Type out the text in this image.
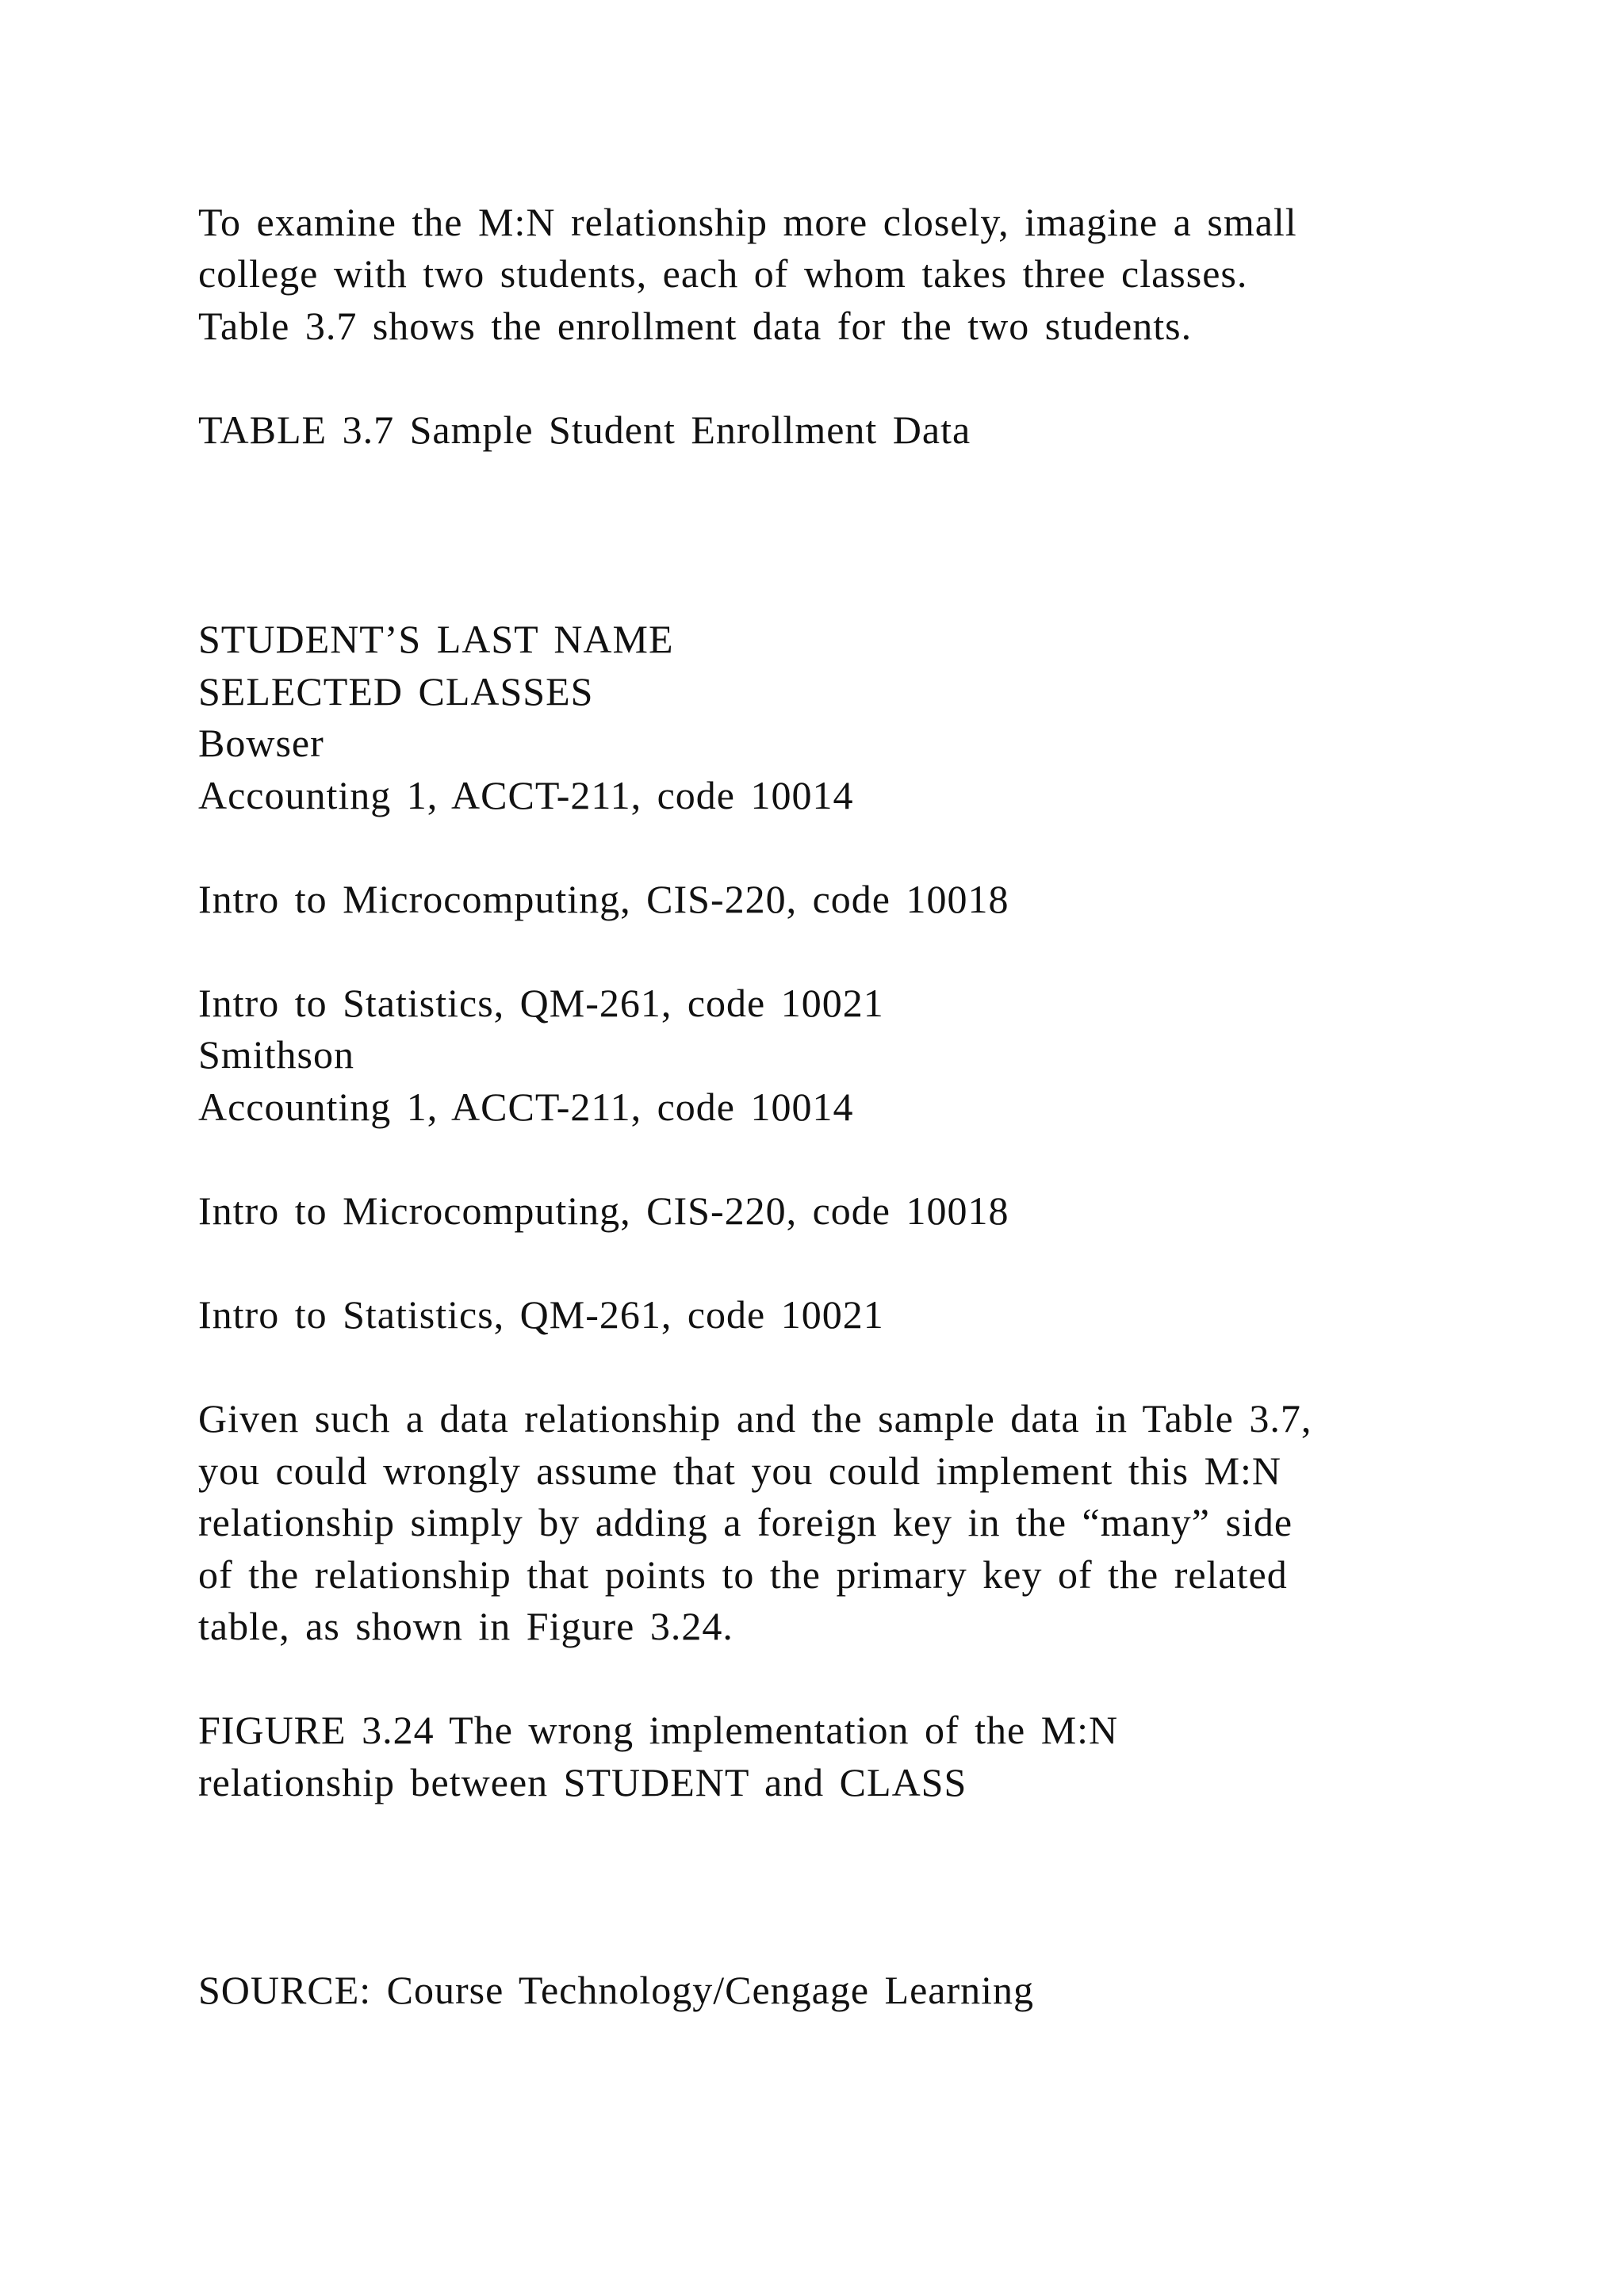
To examine the M:N relationship more closely, imagine a small
college with two students, each of whom takes three classes.
Table 3.7 shows the enrollment data for the two students.
TABLE 3.7 Sample Student Enrollment Data
STUDENT’S LAST NAME
SELECTED CLASSES
Bowser
Accounting 1, ACCT-211, code 10014
Intro to Microcomputing, CIS-220, code 10018
Intro to Statistics, QM-261, code 10021
Smithson
Accounting 1, ACCT-211, code 10014
Intro to Microcomputing, CIS-220, code 10018
Intro to Statistics, QM-261, code 10021
Given such a data relationship and the sample data in Table 3.7,
you could wrongly assume that you could implement this M:N
relationship simply by adding a foreign key in the “many” side
of the relationship that points to the primary key of the related
table, as shown in Figure 3.24.
FIGURE 3.24 The wrong implementation of the M:N
relationship between STUDENT and CLASS
SOURCE: Course Technology/Cengage Learning
